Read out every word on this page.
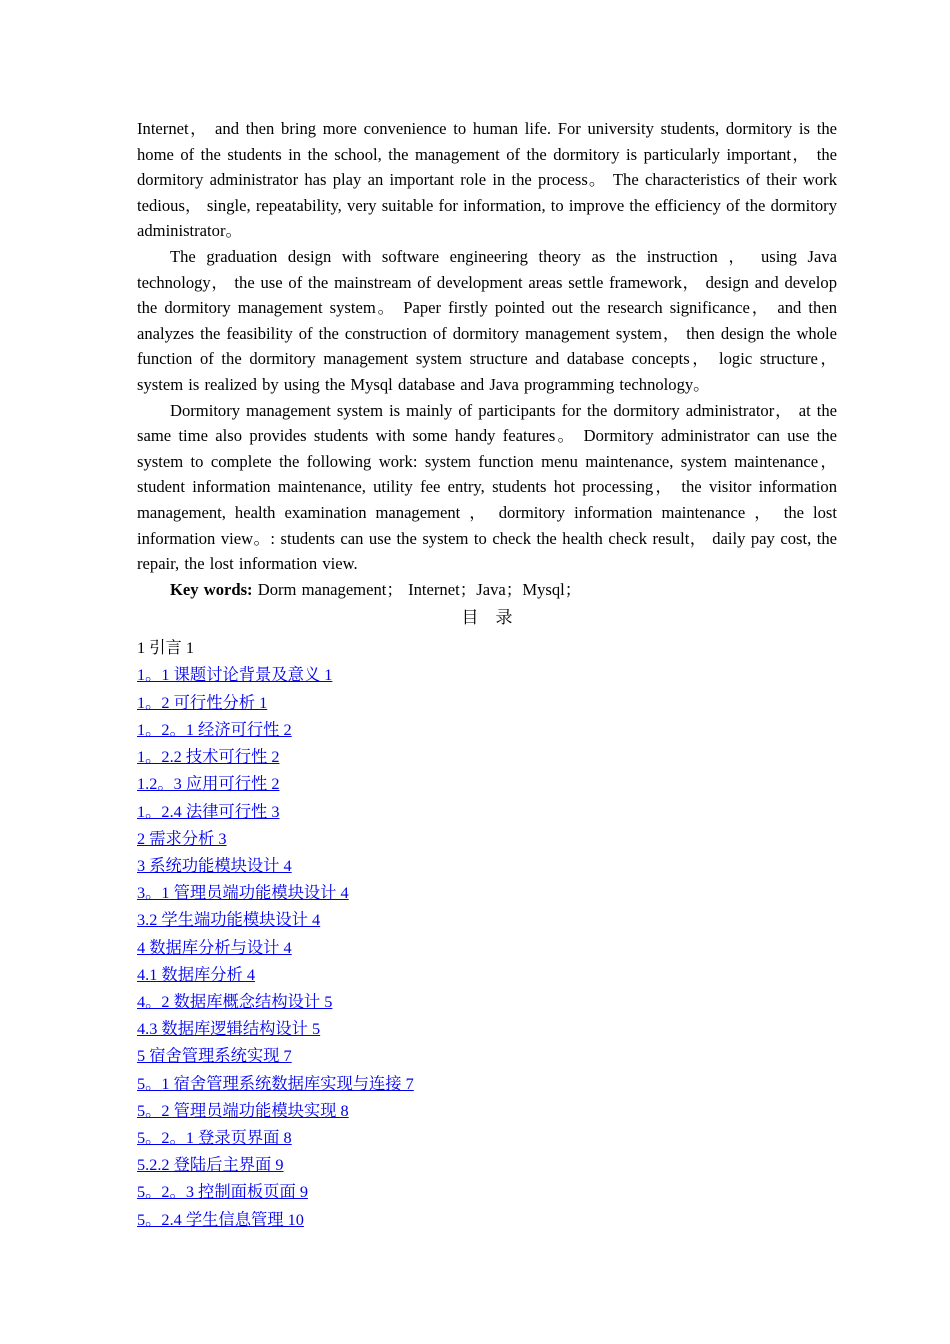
Internet， and then bring more convenience to human life. For university students, dormitory is the home of the students in the school, the management of the dormitory is particularly important， the dormitory administrator has play an important role in the process。 The characteristics of their work tedious， single, repeatability, very suitable for information, to improve the efficiency of the dormitory administrator。

The graduation design with software engineering theory as the instruction ， using Java technology， the use of the mainstream of development areas settle framework， design and develop the dormitory management system。 Paper firstly pointed out the research significance， and then analyzes the feasibility of the construction of dormitory management system， then design the whole function of the dormitory management system structure and database concepts， logic structure， system is realized by using the Mysql database and Java programming technology。

Dormitory management system is mainly of participants for the dormitory administrator， at the same time also provides students with some handy features。 Dormitory administrator can use the system to complete the following work: system function menu maintenance, system maintenance， student information maintenance, utility fee entry, students hot processing， the visitor information management, health examination management ， dormitory information maintenance ， the lost information view。: students can use the system to check the health check result， daily pay cost, the repair, the lost information view.

Key words: Dorm management； Internet；Java；Mysql；

目    录
1 引言 1
1。1 课题讨论背景及意义 1
1。2 可行性分析 1
1。2。1 经济可行性 2
1。2.2 技术可行性 2
1.2。3 应用可行性 2
1。2.4 法律可行性 3
2 需求分析 3
3 系统功能模块设计 4
3。1 管理员端功能模块设计 4
3.2 学生端功能模块设计 4
4 数据库分析与设计 4
4.1 数据库分析 4
4。2 数据库概念结构设计 5
4.3 数据库逻辑结构设计 5
5 宿舍管理系统实现 7
5。1 宿舍管理系统数据库实现与连接 7
5。2 管理员端功能模块实现 8
5。2。1 登录页界面 8
5.2.2 登陆后主界面 9
5。2。3 控制面板页面 9
5。2.4 学生信息管理 10
